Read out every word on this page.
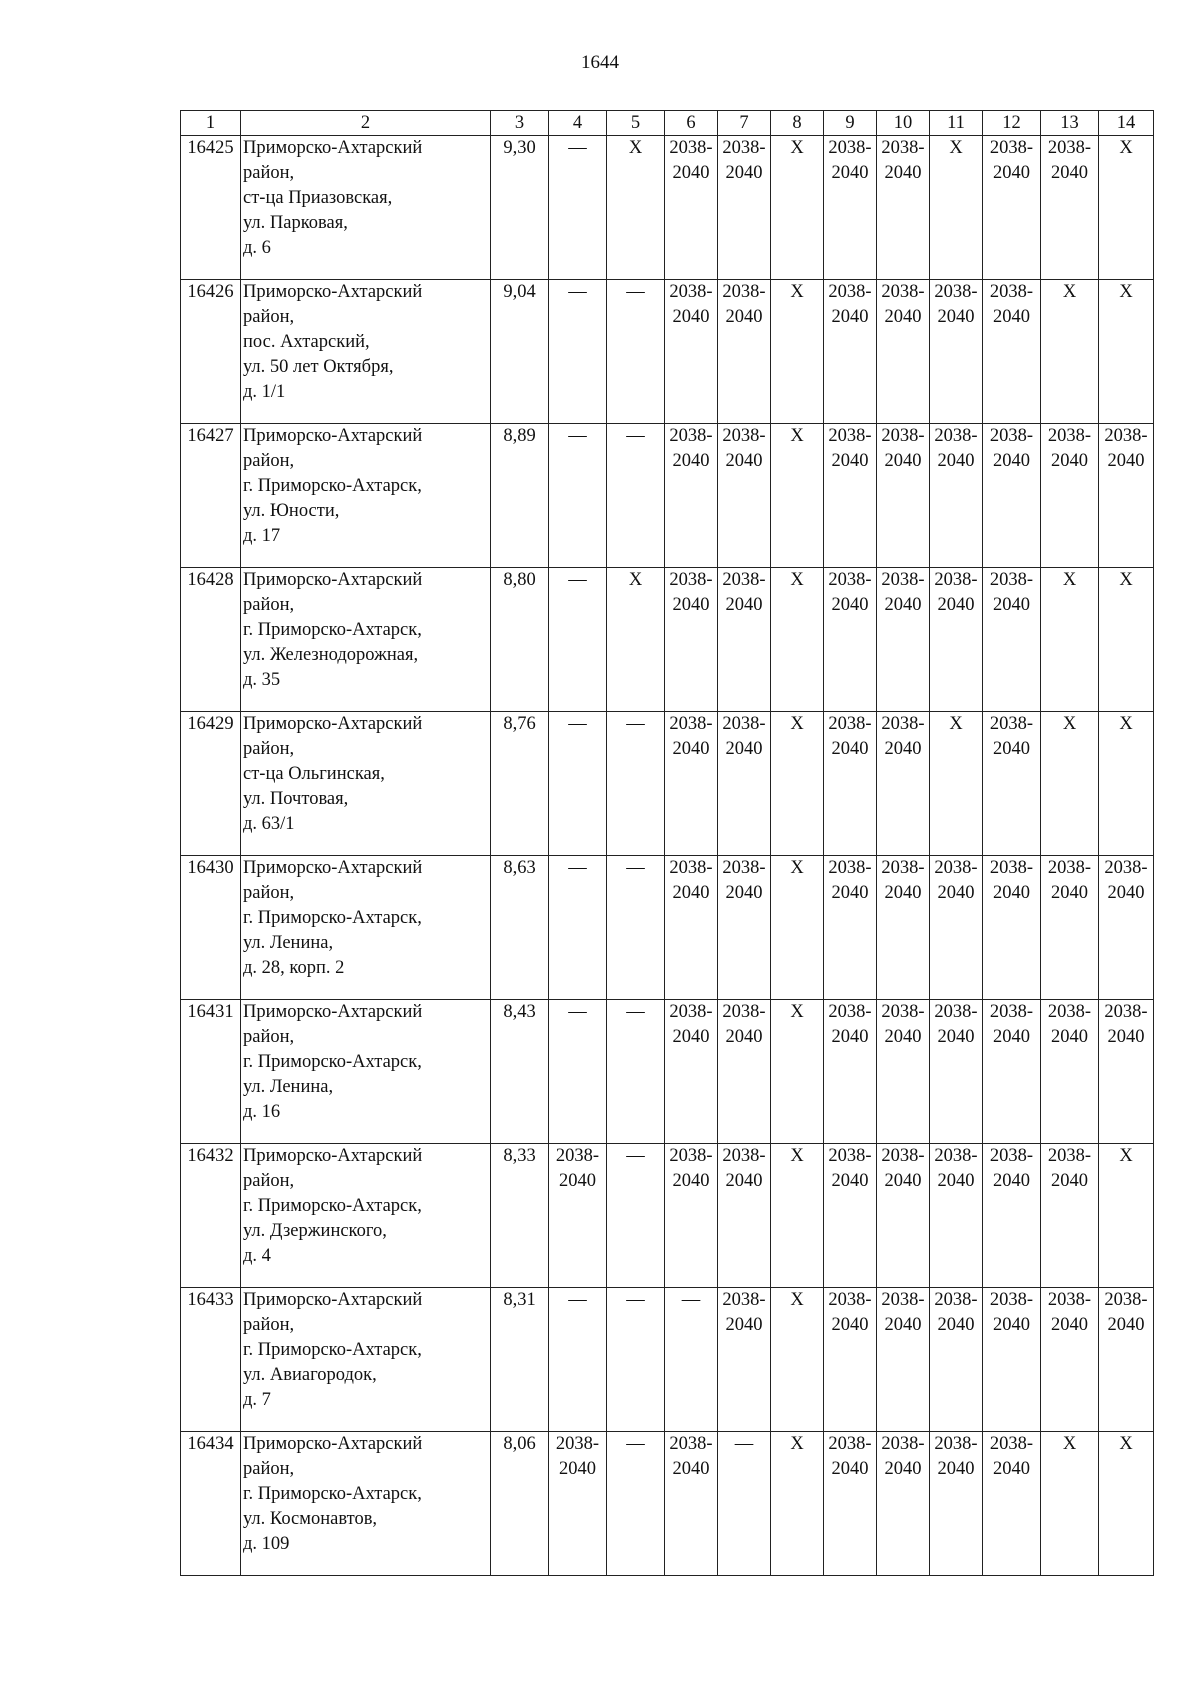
1644
1	2	3	4	5	6	7	8	9	10	11	12	13	14
16425	Приморско-Ахтарский
район,
ст-ца Приазовская,
ул. Парковая,
д. 6	9,30	—	Х	2038-
2040	2038-
2040	Х	2038-
2040	2038-
2040	Х	2038-
2040	2038-
2040	Х
16426	Приморско-Ахтарский
район,
пос. Ахтарский,
ул. 50 лет Октября,
д. 1/1	9,04	—	—	2038-
2040	2038-
2040	Х	2038-
2040	2038-
2040	2038-
2040	2038-
2040	Х	Х
16427	Приморско-Ахтарский
район,
г. Приморско-Ахтарск,
ул. Юности,
д. 17	8,89	—	—	2038-
2040	2038-
2040	Х	2038-
2040	2038-
2040	2038-
2040	2038-
2040	2038-
2040	2038-
2040
16428	Приморско-Ахтарский
район,
г. Приморско-Ахтарск,
ул. Железнодорожная,
д. 35	8,80	—	Х	2038-
2040	2038-
2040	Х	2038-
2040	2038-
2040	2038-
2040	2038-
2040	Х	Х
16429	Приморско-Ахтарский
район,
ст-ца Ольгинская,
ул. Почтовая,
д. 63/1	8,76	—	—	2038-
2040	2038-
2040	Х	2038-
2040	2038-
2040	Х	2038-
2040	Х	Х
16430	Приморско-Ахтарский
район,
г. Приморско-Ахтарск,
ул. Ленина,
д. 28, корп. 2	8,63	—	—	2038-
2040	2038-
2040	Х	2038-
2040	2038-
2040	2038-
2040	2038-
2040	2038-
2040	2038-
2040
16431	Приморско-Ахтарский
район,
г. Приморско-Ахтарск,
ул. Ленина,
д. 16	8,43	—	—	2038-
2040	2038-
2040	Х	2038-
2040	2038-
2040	2038-
2040	2038-
2040	2038-
2040	2038-
2040
16432	Приморско-Ахтарский
район,
г. Приморско-Ахтарск,
ул. Дзержинского,
д. 4	8,33	2038-
2040	—	2038-
2040	2038-
2040	Х	2038-
2040	2038-
2040	2038-
2040	2038-
2040	2038-
2040	Х
16433	Приморско-Ахтарский
район,
г. Приморско-Ахтарск,
ул. Авиагородок,
д. 7	8,31	—	—	—	2038-
2040	Х	2038-
2040	2038-
2040	2038-
2040	2038-
2040	2038-
2040	2038-
2040
16434	Приморско-Ахтарский
район,
г. Приморско-Ахтарск,
ул. Космонавтов,
д. 109	8,06	2038-
2040	—	2038-
2040	—	Х	2038-
2040	2038-
2040	2038-
2040	2038-
2040	Х	Х
